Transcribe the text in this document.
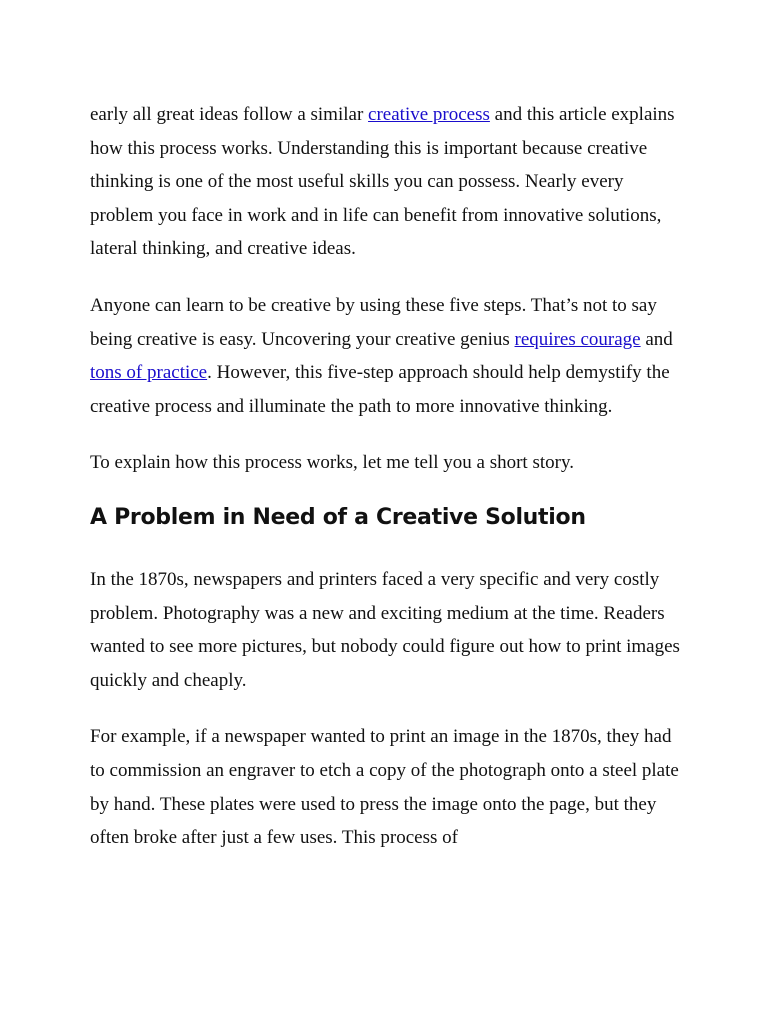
early all great ideas follow a similar creative process and this article explains how this process works. Understanding this is important because creative thinking is one of the most useful skills you can possess. Nearly every problem you face in work and in life can benefit from innovative solutions, lateral thinking, and creative ideas.

Anyone can learn to be creative by using these five steps. That’s not to say being creative is easy. Uncovering your creative genius requires courage and tons of practice. However, this five-step approach should help demystify the creative process and illuminate the path to more innovative thinking.

To explain how this process works, let me tell you a short story.

A Problem in Need of a Creative Solution

In the 1870s, newspapers and printers faced a very specific and very costly problem. Photography was a new and exciting medium at the time. Readers wanted to see more pictures, but nobody could figure out how to print images quickly and cheaply.

For example, if a newspaper wanted to print an image in the 1870s, they had to commission an engraver to etch a copy of the photograph onto a steel plate by hand. These plates were used to press the image onto the page, but they often broke after just a few uses. This process of
